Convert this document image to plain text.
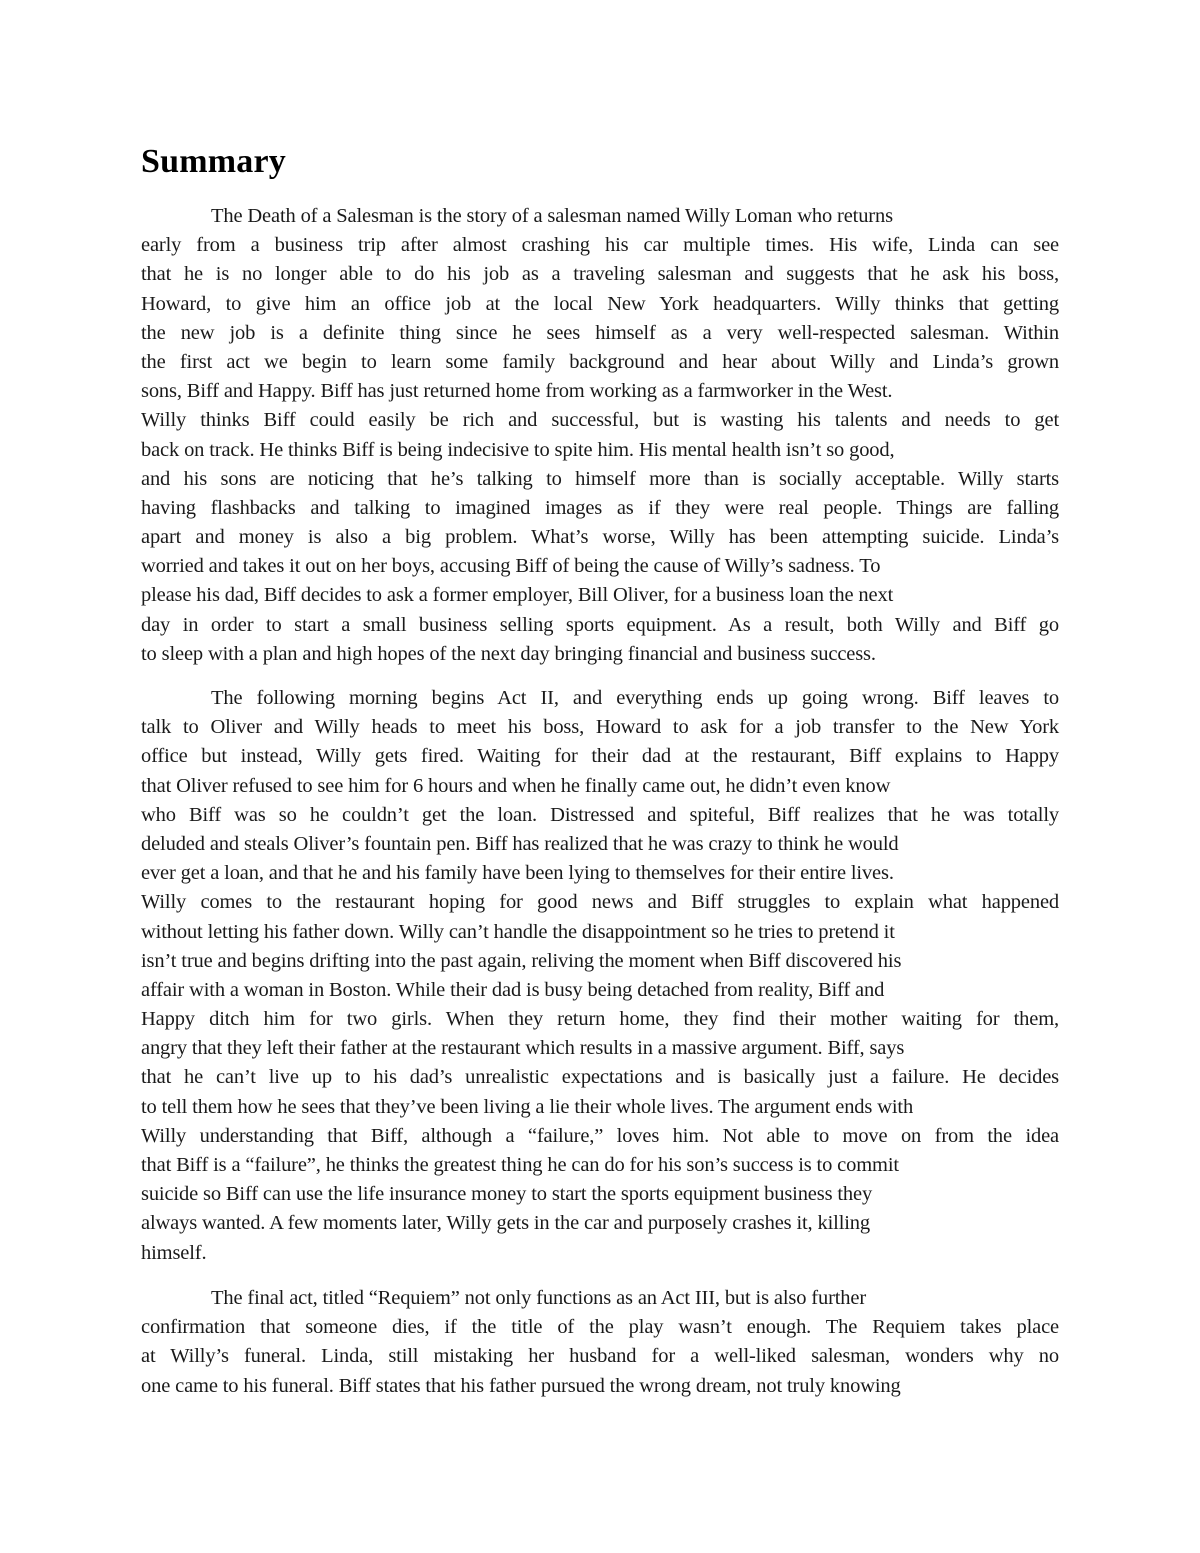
Summary
The Death of a Salesman is the story of a salesman named Willy Loman who returns
early from a business trip after almost crashing his car multiple times. His wife, Linda can see
that he is no longer able to do his job as a traveling salesman and suggests that he ask his boss,
Howard, to give him an office job at the local New York headquarters. Willy thinks that getting
the new job is a definite thing since he sees himself as a very well-respected salesman. Within
the first act we begin to learn some family background and hear about Willy and Linda’s grown
sons, Biff and Happy. Biff has just returned home from working as a farmworker in the West.
Willy thinks Biff could easily be rich and successful, but is wasting his talents and needs to get
back on track. He thinks Biff is being indecisive to spite him. His mental health isn’t so good,
and his sons are noticing that he’s talking to himself more than is socially acceptable. Willy starts
having flashbacks and talking to imagined images as if they were real people. Things are falling
apart and money is also a big problem. What’s worse, Willy has been attempting suicide. Linda’s
worried and takes it out on her boys, accusing Biff of being the cause of Willy’s sadness. To
please his dad, Biff decides to ask a former employer, Bill Oliver, for a business loan the next
day in order to start a small business selling sports equipment. As a result, both Willy and Biff go
to sleep with a plan and high hopes of the next day bringing financial and business success.
The following morning begins Act II, and everything ends up going wrong. Biff leaves to
talk to Oliver and Willy heads to meet his boss, Howard to ask for a job transfer to the New York
office but instead, Willy gets fired. Waiting for their dad at the restaurant, Biff explains to Happy
that Oliver refused to see him for 6 hours and when he finally came out, he didn’t even know
who Biff was so he couldn’t get the loan. Distressed and spiteful, Biff realizes that he was totally
deluded and steals Oliver’s fountain pen. Biff has realized that he was crazy to think he would
ever get a loan, and that he and his family have been lying to themselves for their entire lives.
Willy comes to the restaurant hoping for good news and Biff struggles to explain what happened
without letting his father down. Willy can’t handle the disappointment so he tries to pretend it
isn’t true and begins drifting into the past again, reliving the moment when Biff discovered his
affair with a woman in Boston. While their dad is busy being detached from reality, Biff and
Happy ditch him for two girls. When they return home, they find their mother waiting for them,
angry that they left their father at the restaurant which results in a massive argument. Biff, says
that he can’t live up to his dad’s unrealistic expectations and is basically just a failure. He decides
to tell them how he sees that they’ve been living a lie their whole lives. The argument ends with
Willy understanding that Biff, although a “failure,” loves him. Not able to move on from the idea
that Biff is a “failure”, he thinks the greatest thing he can do for his son’s success is to commit
suicide so Biff can use the life insurance money to start the sports equipment business they
always wanted. A few moments later, Willy gets in the car and purposely crashes it, killing
himself.
The final act, titled “Requiem” not only functions as an Act III, but is also further
confirmation that someone dies, if the title of the play wasn’t enough. The Requiem takes place
at Willy’s funeral. Linda, still mistaking her husband for a well-liked salesman, wonders why no
one came to his funeral. Biff states that his father pursued the wrong dream, not truly knowing
